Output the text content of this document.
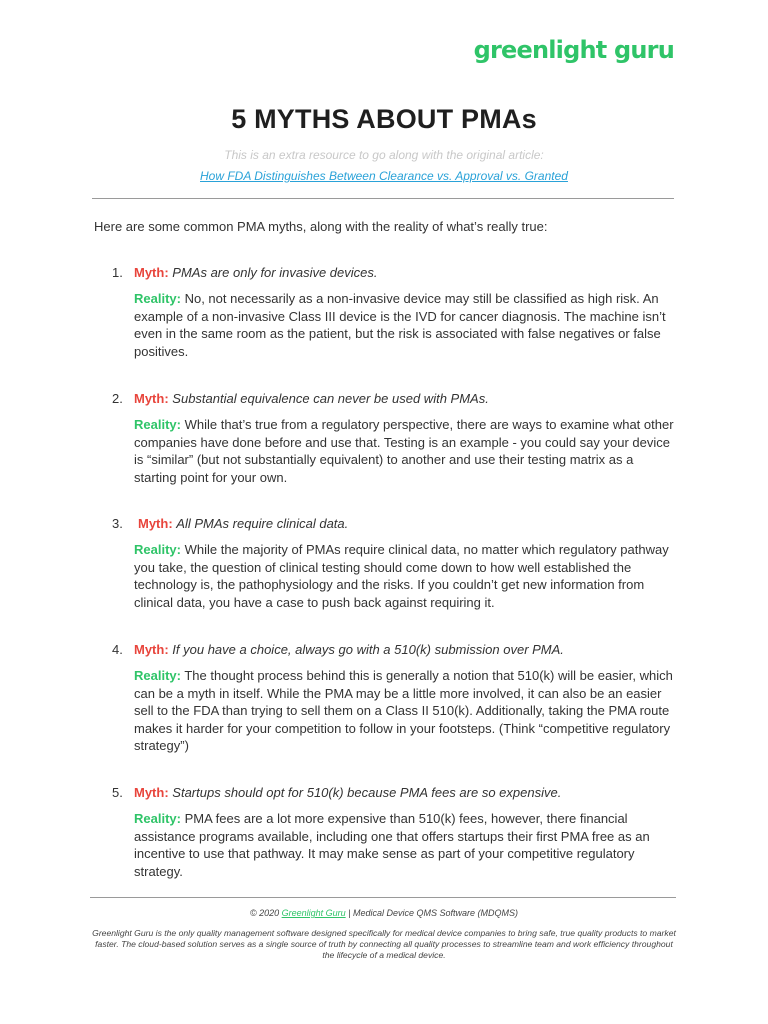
greenlight guru
5 MYTHS ABOUT PMAs
This is an extra resource to go along with the original article:
How FDA Distinguishes Between Clearance vs. Approval vs. Granted
Here are some common PMA myths, along with the reality of what’s really true:
1. Myth: PMAs are only for invasive devices.
Reality: No, not necessarily as a non-invasive device may still be classified as high risk. An example of a non-invasive Class III device is the IVD for cancer diagnosis. The machine isn’t even in the same room as the patient, but the risk is associated with false negatives or false positives.
2. Myth: Substantial equivalence can never be used with PMAs.
Reality: While that’s true from a regulatory perspective, there are ways to examine what other companies have done before and use that. Testing is an example - you could say your device is “similar” (but not substantially equivalent) to another and use their testing matrix as a starting point for your own.
3. Myth: All PMAs require clinical data.
Reality: While the majority of PMAs require clinical data, no matter which regulatory pathway you take, the question of clinical testing should come down to how well established the technology is, the pathophysiology and the risks. If you couldn’t get new information from clinical data, you have a case to push back against requiring it.
4. Myth: If you have a choice, always go with a 510(k) submission over PMA.
Reality: The thought process behind this is generally a notion that 510(k) will be easier, which can be a myth in itself. While the PMA may be a little more involved, it can also be an easier sell to the FDA than trying to sell them on a Class II 510(k). Additionally, taking the PMA route makes it harder for your competition to follow in your footsteps. (Think “competitive regulatory strategy”)
5. Myth: Startups should opt for 510(k) because PMA fees are so expensive.
Reality: PMA fees are a lot more expensive than 510(k) fees, however, there financial assistance programs available, including one that offers startups their first PMA free as an incentive to use that pathway. It may make sense as part of your competitive regulatory strategy.
© 2020 Greenlight Guru | Medical Device QMS Software (MDQMS)
Greenlight Guru is the only quality management software designed specifically for medical device companies to bring safe, true quality products to market faster. The cloud-based solution serves as a single source of truth by connecting all quality processes to streamline team and work efficiency throughout the lifecycle of a medical device.
